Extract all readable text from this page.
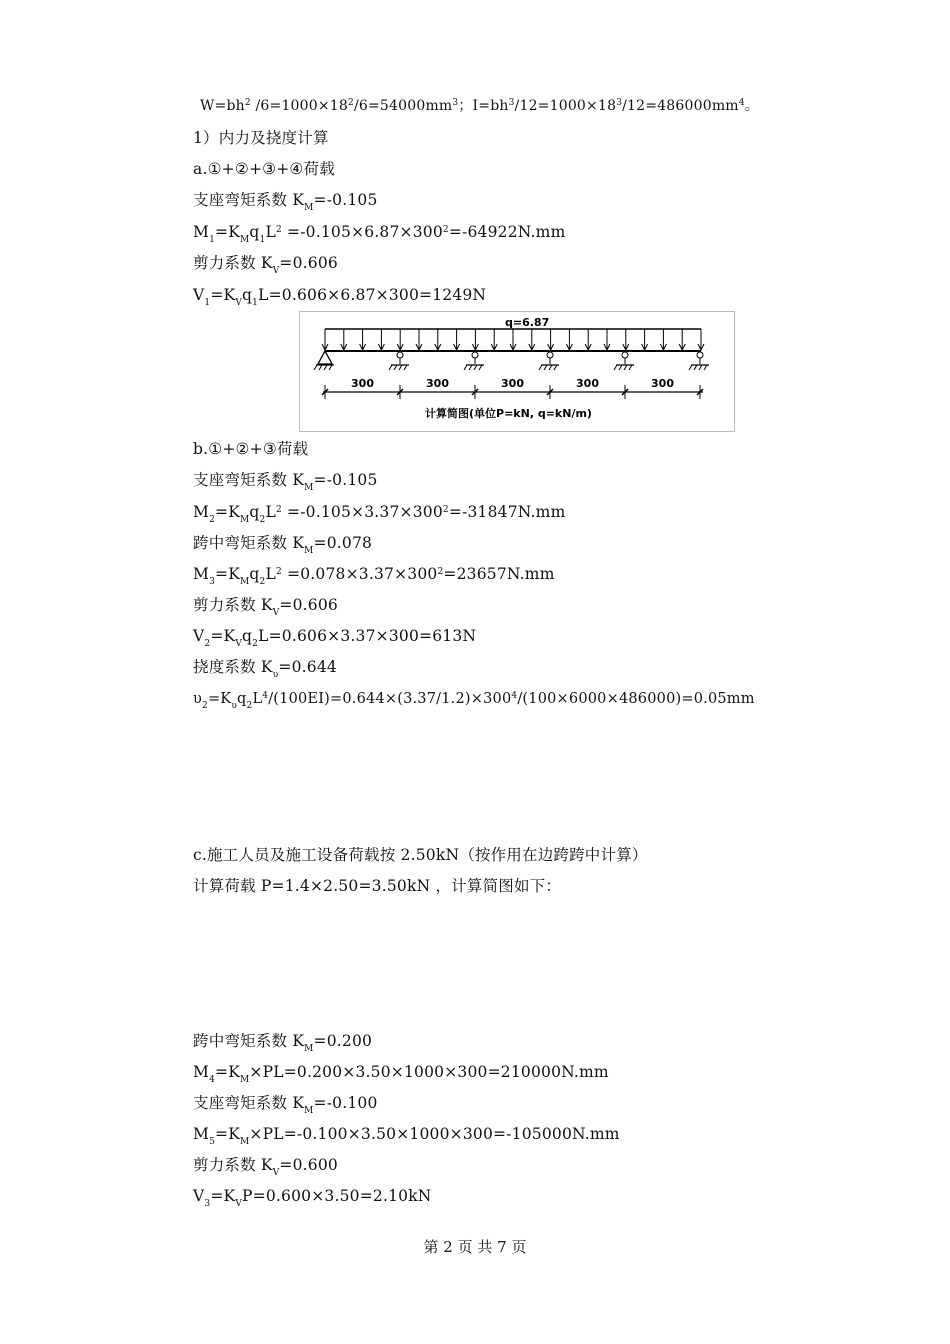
$W=bh^2$ $/6=1000\times 18^2/6=54000mm^3$；$I=bh^3/12=1000\times 18^3/12=486000mm^4$。
1）内力及挠度计算
a.①+②+③+④荷载
支座弯矩系数 $K_M=-0.105$
$M_1=K_Mq_1L^2 =-0.105\times 6.87\times 300^2=-64922N.mm$
剪力系数 $K_V=0.606$
$V_1=K_Vq_1L=0.606\times 6.87\times 300=1249N$
q=6.87
300	300	300	300	300
计算简图(单位P=kN, q=kN/m)
b.①+②+③荷载
支座弯矩系数 $K_M=-0.105$
$M_2=K_Mq_2L^2 =-0.105\times 3.37\times 300^2=-31847N.mm$
跨中弯矩系数 $K_M=0.078$
$M_3=K_Mq_2L^2 =0.078\times 3.37\times 300^2=23657N.mm$
剪力系数 $K_V=0.606$
$V_2=K_Vq_2L=0.606\times 3.37\times 300=613N$
挠度系数 $K_\upsilon=0.644$
$\upsilon_2=K_\upsilon q_2L^4/(100EI)=0.644\times(3.37/1.2)\times 300^4/(100\times 6000\times 486000)=0.05mm$
c.施工人员及施工设备荷载按 2.50kN（按作用在边跨跨中计算）
计算荷载 P=1.4×2.50=3.50kN ，计算简图如下：
跨中弯矩系数 $K_M=0.200$
$M_4=K_M\times PL=0.200\times 3.50\times 1000\times 300=210000N.mm$
支座弯矩系数 $K_M=-0.100$
$M_5=K_M\times PL=-0.100\times 3.50\times 1000\times 300=-105000N.mm$
剪力系数 $K_V=0.600$
$V_3=K_VP=0.600\times 3.50=2.10kN$
第 2 页 共 7 页
